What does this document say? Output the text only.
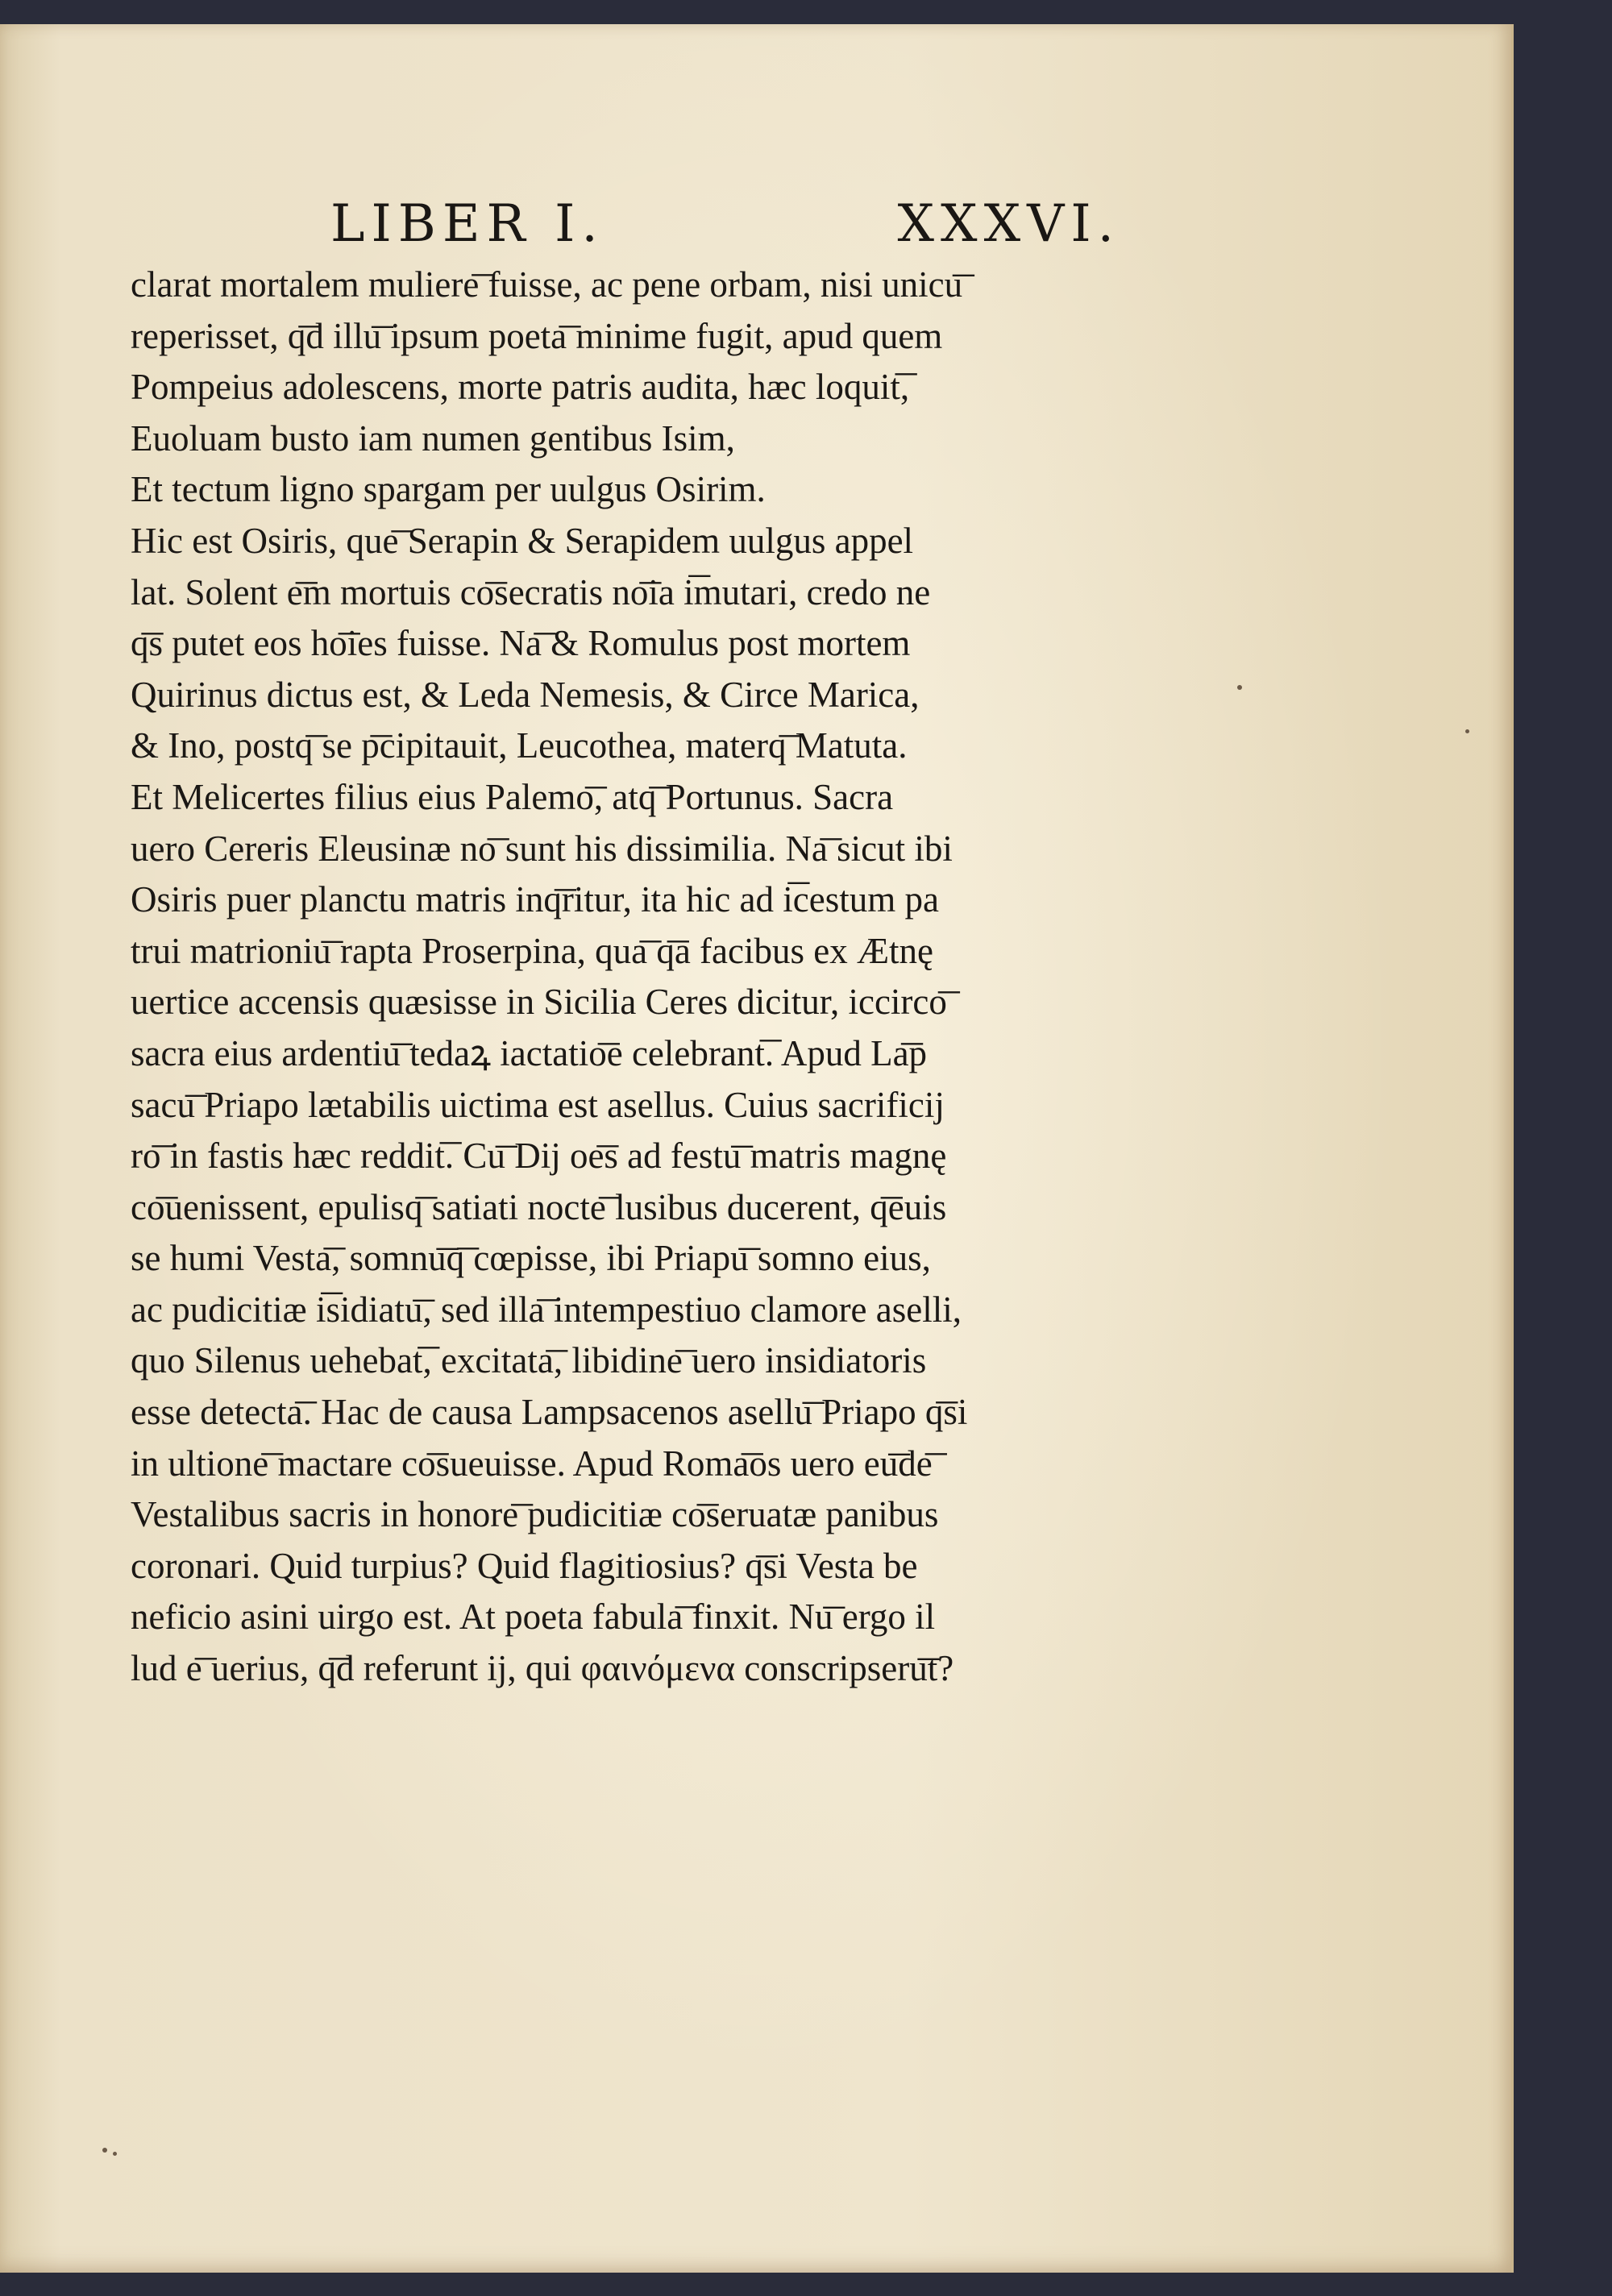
LIBER I.	XXXVI.
clarat mortalem muliere͞ fuisse, ac pene orbam, nisi unicu͞
reperisset, q͞d illu͞ ipsum poeta͞ minime fugit, apud quem
Pompeius adolescens, morte patris audita, hæc loquit͞,
Euoluam busto iam numen gentibus Isim,
Et tectum ligno spargam per uulgus Osirim.
Hic est Osiris, que͞ Serapin & Serapidem uulgus appel
lat. Solent e͞m mortuis co͞secratis no͞ia i͞mutari, credo ne
q͞s putet eos ho͞ies fuisse. Na͞ & Romulus post mortem
Quirinus dictus est, & Leda Nemesis, & Circe Marica,
& Ino, postq͞ se p͞cipitauit, Leucothea, materq͞ Matuta.
Et Melicertes filius eius Palemo͞, atq͞ Portunus. Sacra
uero Cereris Eleusinæ no͞ sunt his dissimilia. Na͞ sicut ibi
Osiris puer planctu matris inq͞ritur, ita hic ad i͞cestum pa
trui matrioniu͞ rapta Proserpina, qua͞ q͞a facibus ex Ætnę
uertice accensis quæsisse in Sicilia Ceres dicitur, iccirco͞
sacra eius ardentiu͞ tedaꝝ iactatio͞e celebrant͞. Apud La͞p
sacu͞ Priapo lætabilis uictima est asellus. Cuius sacrificij
ro͞ in fastis hæc reddit͞. Cu͞ Dij oe͞s ad festu͞ matris magnę
co͞uenissent, epulisq͞ satiati nocte͞ lusibus ducerent, q͞euis
se humi Vesta͞, somnu͞q͞ cœpisse, ibi Priapu͞ somno eius,
ac pudicitiæ i͞sidiatu͞, sed illa͞ intempestiuo clamore aselli,
quo Silenus uehebat͞, excitata͞, libidine͞ uero insidiatoris
esse detecta͞. Hac de causa Lampsacenos asellu͞ Priapo q͞si
in ultione͞ mactare co͞sueuisse. Apud Roma͞os uero eu͞de͞
Vestalibus sacris in honore͞ pudicitiæ co͞seruatæ panibus
coronari. Quid turpius? Quid flagitiosius? q͞si Vesta be
neficio asini uirgo est. At poeta fabula͞ finxit. Nu͞ ergo il
lud e͞ uerius, q͞d referunt ij, qui φαινόμενα conscripseru͞t?
